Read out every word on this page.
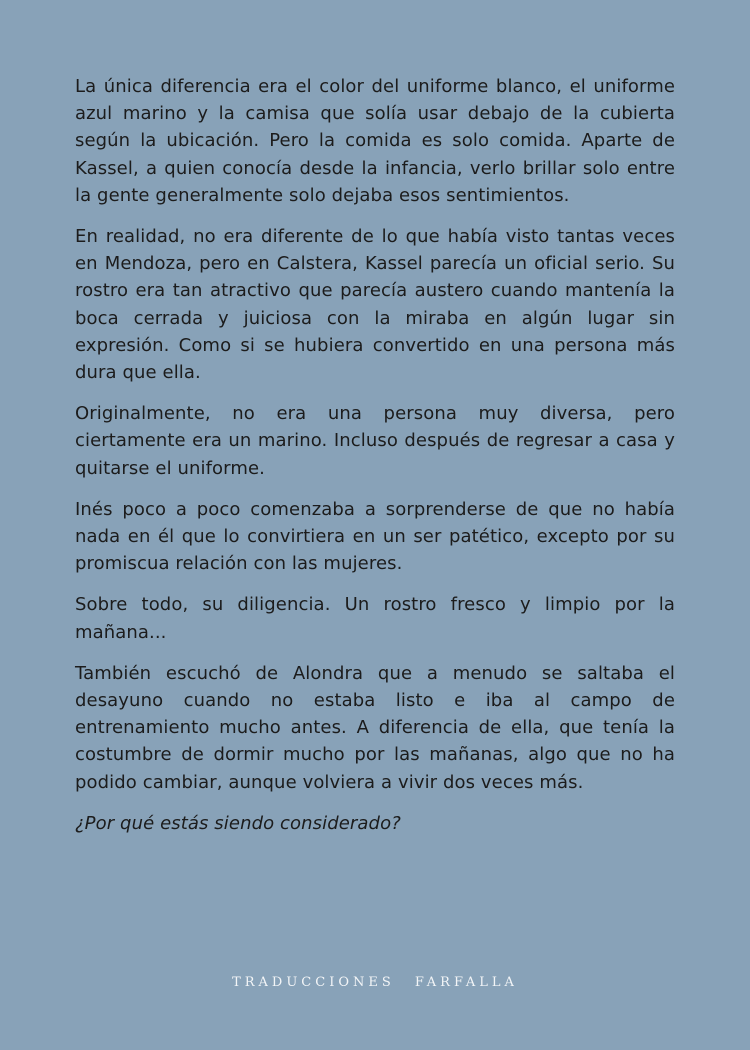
La única diferencia era el color del uniforme blanco, el uniforme azul marino y la camisa que solía usar debajo de la cubierta según la ubicación. Pero la comida es solo comida. Aparte de Kassel, a quien conocía desde la infancia, verlo brillar solo entre la gente generalmente solo dejaba esos sentimientos.

En realidad, no era diferente de lo que había visto tantas veces en Mendoza, pero en Calstera, Kassel parecía un oficial serio. Su rostro era tan atractivo que parecía austero cuando mantenía la boca cerrada y juiciosa con la miraba en algún lugar sin expresión. Como si se hubiera convertido en una persona más dura que ella.

Originalmente, no era una persona muy diversa, pero ciertamente era un marino. Incluso después de regresar a casa y quitarse el uniforme.

Inés poco a poco comenzaba a sorprenderse de que no había nada en él que lo convirtiera en un ser patético, excepto por su promiscua relación con las mujeres.

Sobre todo, su diligencia. Un rostro fresco y limpio por la mañana...

También escuchó de Alondra que a menudo se saltaba el desayuno cuando no estaba listo e iba al campo de entrenamiento mucho antes. A diferencia de ella, que tenía la costumbre de dormir mucho por las mañanas, algo que no ha podido cambiar, aunque volviera a vivir dos veces más.

¿Por qué estás siendo considerado?

TRADUCCIONES FARFALLA
